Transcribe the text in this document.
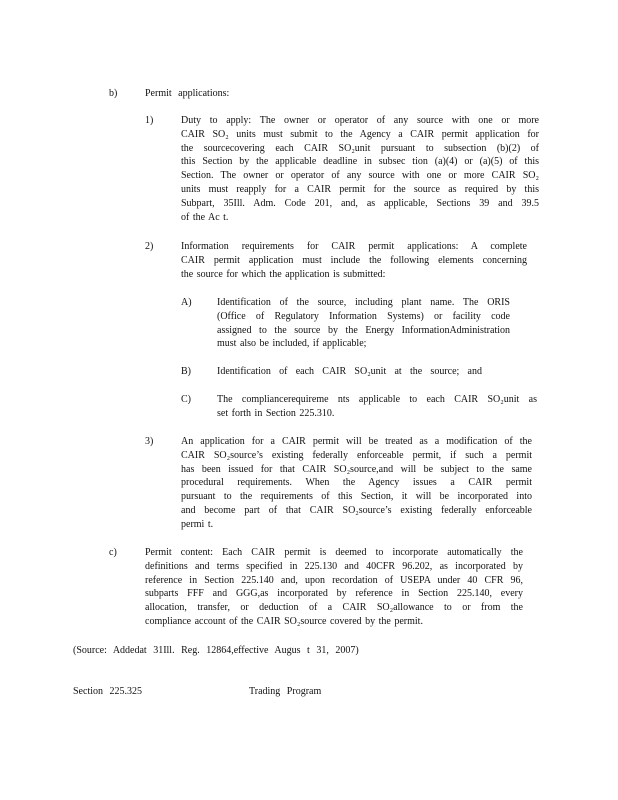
b)	Permit applications:
1)	Duty to apply: The owner or operator of any source with one or more
CAIR SO₂ units must submit to the Agency a CAIR permit application for
the sourcecovering each CAIR SO₂unit pursuant to subsection (b)(2) of
this Section by the applicable deadline in subsec tion (a)(4) or (a)(5) of this
Section. The owner or operator of any source with one or more CAIR SO₂
units must reapply for a CAIR permit for the source as required by this
Subpart, 35Ill. Adm. Code 201, and, as applicable, Sections 39 and 39.5
of the Ac t.
2)	Information requirements for CAIR permit applications: A complete
CAIR permit application must include the following elements concerning
the source for which the application is submitted:
A)	Identification of the source, including plant name. The ORIS
(Office of Regulatory Information Systems) or facility code
assigned to the source by the Energy InformationAdministration
must also be included, if applicable;
B)	Identification of each CAIR SO₂unit at the source; and
C)	The compliancerequireme nts applicable to each CAIR SO₂unit as
set forth in Section 225.310.
3)	An application for a CAIR permit will be treated as a modification of the
CAIR SO₂source’s existing federally enforceable permit, if such a permit
has been issued for that CAIR SO₂source,and will be subject to the same
procedural requirements. When the Agency issues a CAIR permit
pursuant to the requirements of this Section, it will be incorporated into
and become part of that CAIR SO₂source’s existing federally enforceable
permi t.
c)	Permit content: Each CAIR permit is deemed to incorporate automatically the
definitions and terms specified in 225.130 and 40CFR 96.202, as incorporated by
reference in Section 225.140 and, upon recordation of USEPA under 40 CFR 96,
subparts FFF and GGG,as incorporated by reference in Section 225.140, every
allocation, transfer, or deduction of a CAIR SO₂allowance to or from the
compliance account of the CAIR SO₂source covered by the permit.
(Source: Addedat 31Ill. Reg. 12864,effective Augus t 31, 2007)
Section 225.325	Trading Program
